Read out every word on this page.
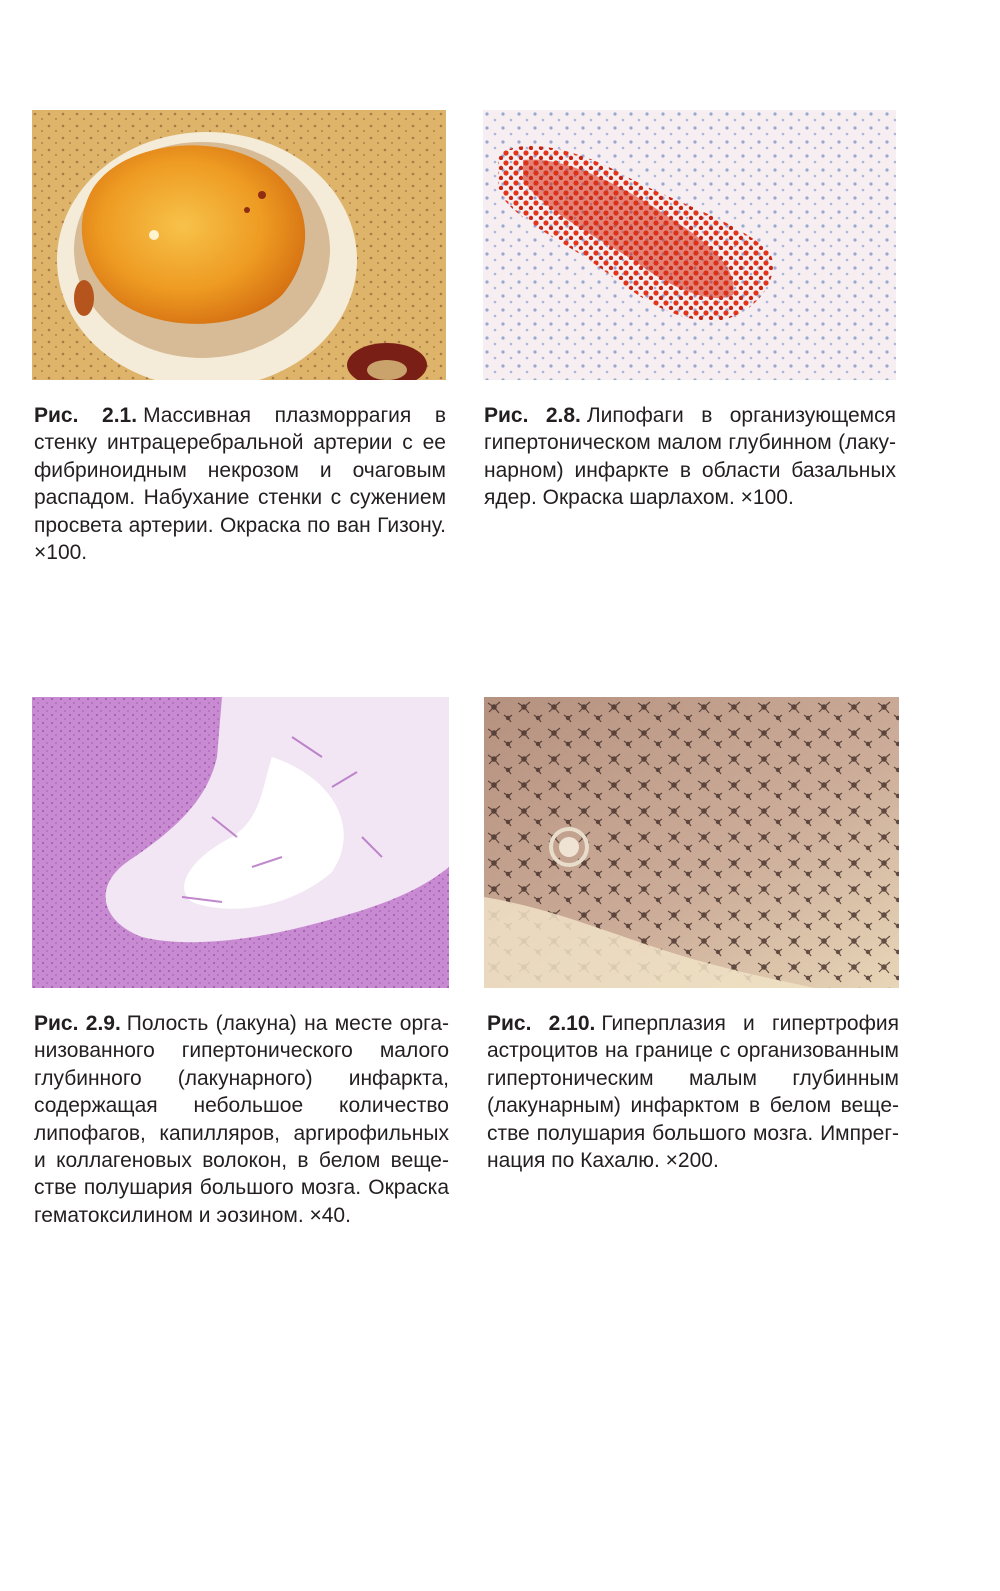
Рис. 2.1. Массивная плазморрагия в стенку интрацеребральной артерии с ее фибриноидным некрозом и очаговым распадом. Набухание стенки с сужением просвета артерии. Окраска по ван Гизону. ×100.
Рис. 2.8. Липофаги в организующемся гипертоническом малом глубинном (лакунарном) инфаркте в области базальных ядер. Окраска шарлахом. ×100.
Рис. 2.9. Полость (лакуна) на месте организованного гипертонического малого глубинного (лакунарного) инфаркта, содержащая небольшое количество липофагов, капилляров, аргирофильных и коллагеновых волокон, в белом веществе полушария большого мозга. Окраска гематоксилином и эозином. ×40.
Рис. 2.10. Гиперплазия и гипертрофия астроцитов на границе с организованным гипертоническим малым глубинным (лакунарным) инфарктом в белом веществе полушария большого мозга. Импрегнация по Кахалю. ×200.
